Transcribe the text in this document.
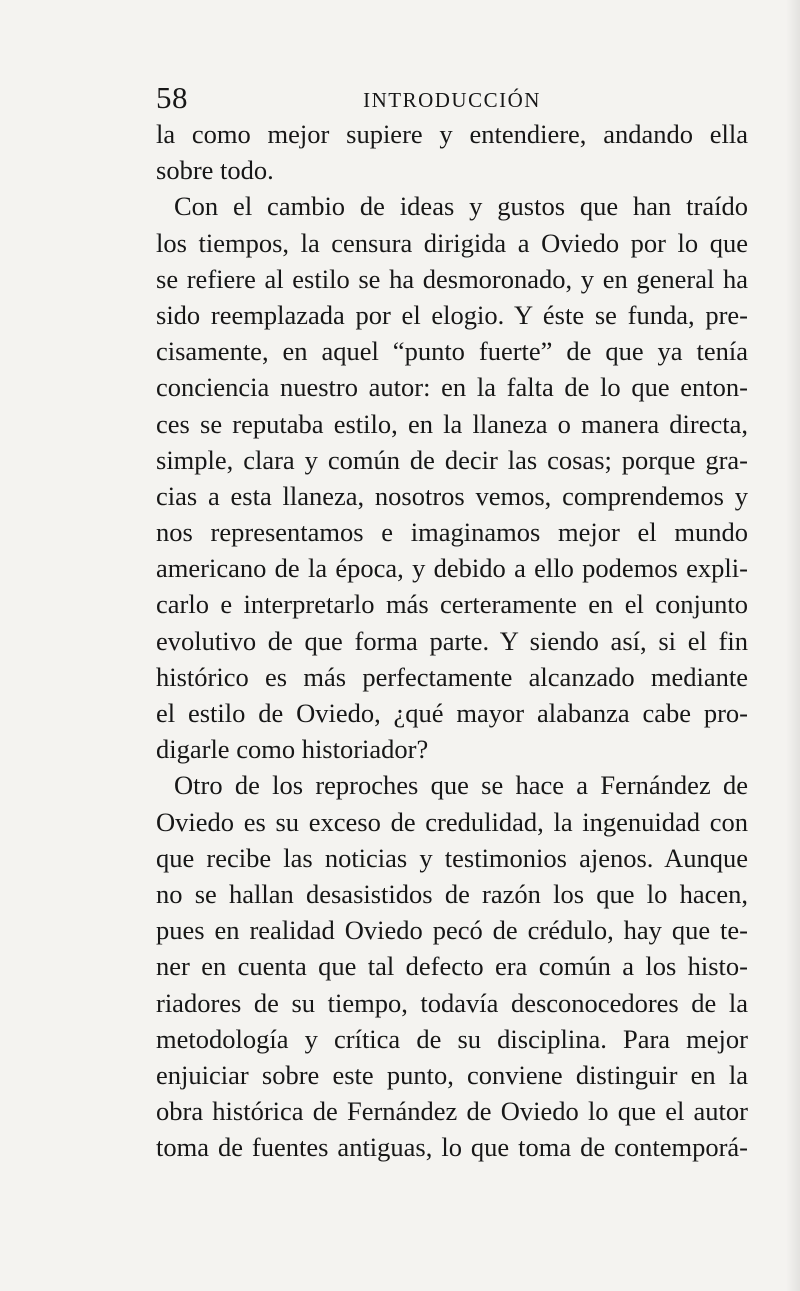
58	INTRODUCCIÓN
la como mejor supiere y entendiere, andando ella
sobre todo.
Con el cambio de ideas y gustos que han traído
los tiempos, la censura dirigida a Oviedo por lo que
se refiere al estilo se ha desmoronado, y en general ha
sido reemplazada por el elogio. Y éste se funda, pre-
cisamente, en aquel “punto fuerte” de que ya tenía
conciencia nuestro autor: en la falta de lo que enton-
ces se reputaba estilo, en la llaneza o manera directa,
simple, clara y común de decir las cosas; porque gra-
cias a esta llaneza, nosotros vemos, comprendemos y
nos representamos e imaginamos mejor el mundo
americano de la época, y debido a ello podemos expli-
carlo e interpretarlo más certeramente en el conjunto
evolutivo de que forma parte. Y siendo así, si el fin
histórico es más perfectamente alcanzado mediante
el estilo de Oviedo, ¿qué mayor alabanza cabe pro-
digarle como historiador?
Otro de los reproches que se hace a Fernández de
Oviedo es su exceso de credulidad, la ingenuidad con
que recibe las noticias y testimonios ajenos. Aunque
no se hallan desasistidos de razón los que lo hacen,
pues en realidad Oviedo pecó de crédulo, hay que te-
ner en cuenta que tal defecto era común a los histo-
riadores de su tiempo, todavía desconocedores de la
metodología y crítica de su disciplina. Para mejor
enjuiciar sobre este punto, conviene distinguir en la
obra histórica de Fernández de Oviedo lo que el autor
toma de fuentes antiguas, lo que toma de contemporá-
